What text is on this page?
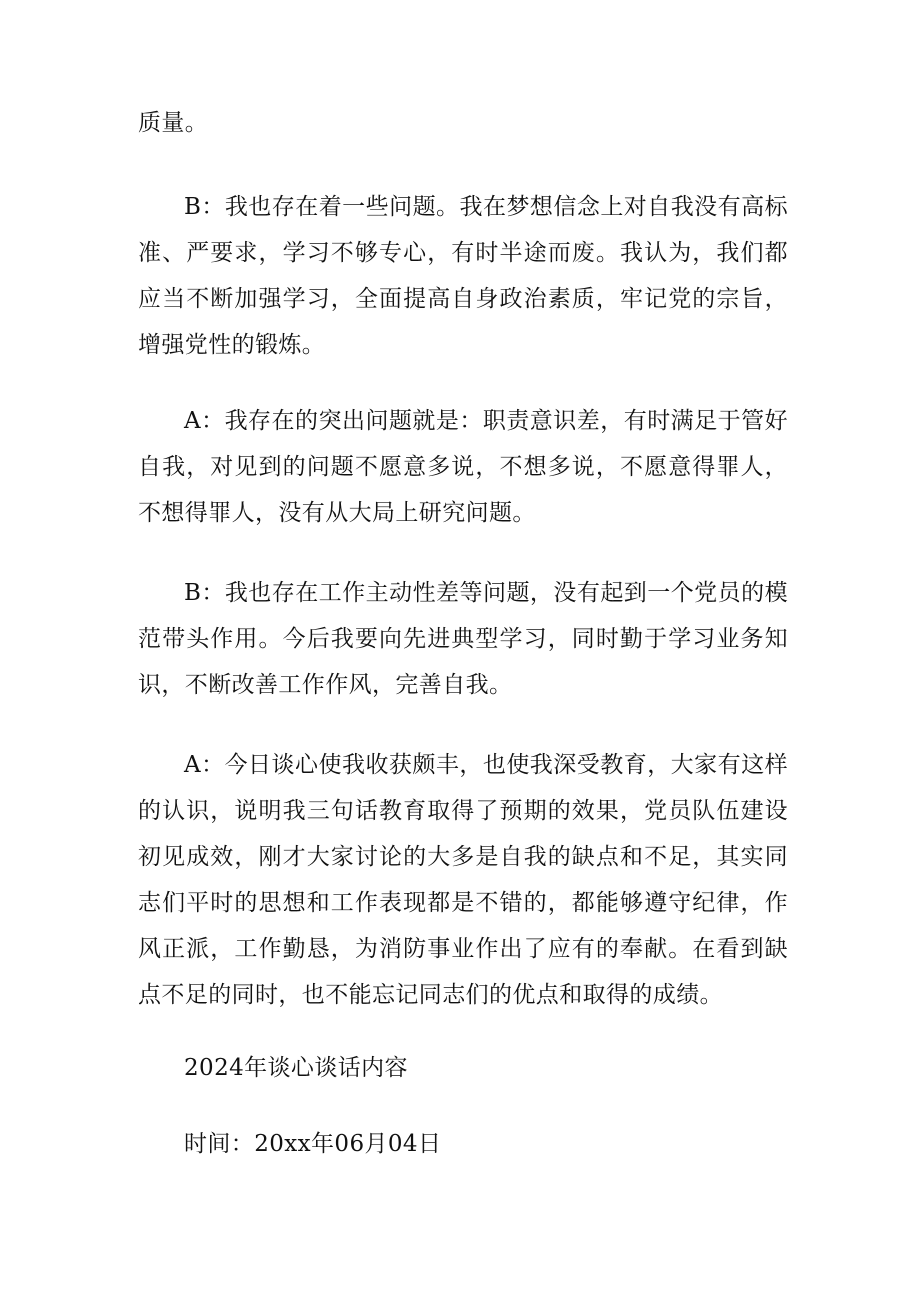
质量。

B：我也存在着一些问题。我在梦想信念上对自我没有高标准、严要求，学习不够专心，有时半途而废。我认为，我们都应当不断加强学习，全面提高自身政治素质，牢记党的宗旨，增强党性的锻炼。

A：我存在的突出问题就是：职责意识差，有时满足于管好自我，对见到的问题不愿意多说，不想多说，不愿意得罪人，不想得罪人，没有从大局上研究问题。

B：我也存在工作主动性差等问题，没有起到一个党员的模范带头作用。今后我要向先进典型学习，同时勤于学习业务知识，不断改善工作作风，完善自我。

A：今日谈心使我收获颇丰，也使我深受教育，大家有这样的认识，说明我三句话教育取得了预期的效果，党员队伍建设初见成效，刚才大家讨论的大多是自我的缺点和不足，其实同志们平时的思想和工作表现都是不错的，都能够遵守纪律，作风正派，工作勤恳，为消防事业作出了应有的奉献。在看到缺点不足的同时，也不能忘记同志们的优点和取得的成绩。

2024年谈心谈话内容

时间：20xx年06月04日
